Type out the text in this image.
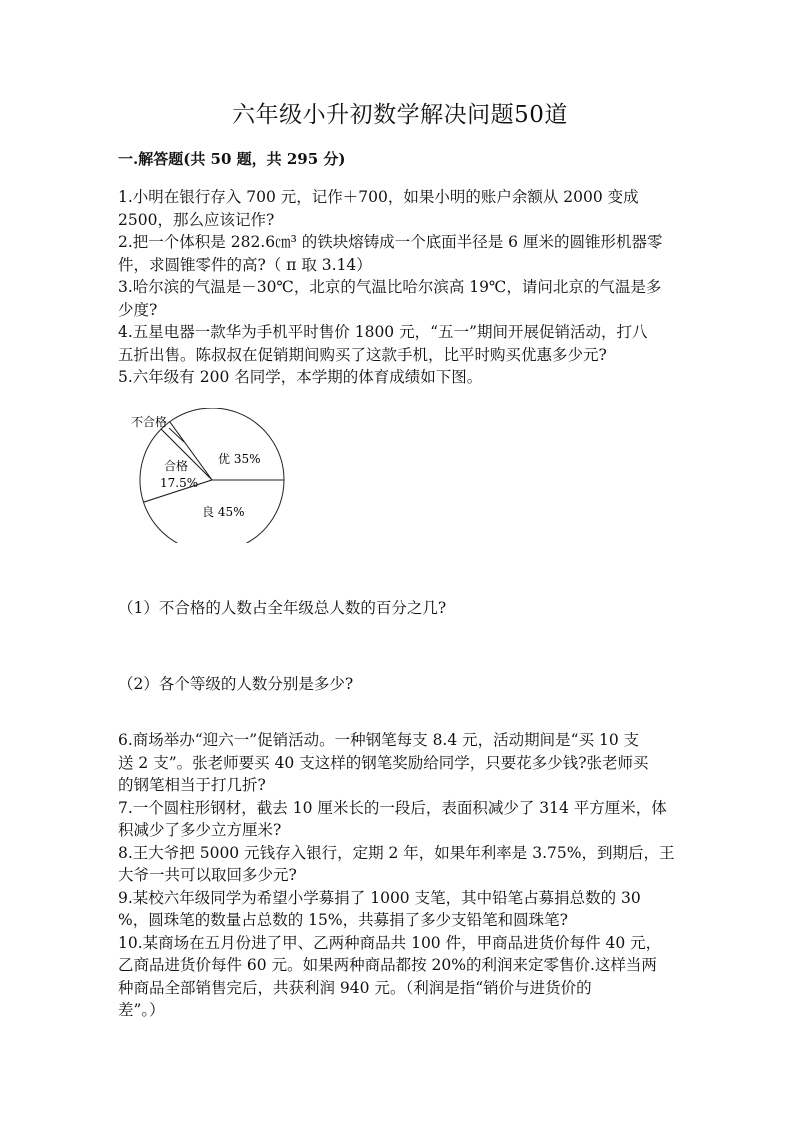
六年级小升初数学解决问题50道
一.解答题(共 50 题，共 295 分)

1.小明在银行存入 700 元，记作＋700，如果小明的账户余额从 2000 变成

2500，那么应该记作?

2.把一个体积是 282.6㎝³ 的铁块熔铸成一个底面半径是 6 厘米的圆锥形机器零

件，求圆锥零件的高?（ π 取 3.14）

3.哈尔滨的气温是－30℃，北京的气温比哈尔滨高 19℃，请问北京的气温是多

少度?

4.五星电器一款华为手机平时售价 1800 元，“五一”期间开展促销活动，打八

五折出售。陈叔叔在促销期间购买了这款手机，比平时购买优惠多少元?

5.六年级有 200 名同学，本学期的体育成绩如下图。

不合格
优 35%
合格
17.5%
良 45%
（1）不合格的人数占全年级总人数的百分之几?
（2）各个等级的人数分别是多少?

6.商场举办“迎六一”促销活动。一种钢笔每支 8.4 元，活动期间是“买 10 支

送 2 支”。张老师要买 40 支这样的钢笔奖励给同学，只要花多少钱?张老师买

的钢笔相当于打几折?

7.一个圆柱形钢材，截去 10 厘米长的一段后，表面积减少了 314 平方厘米，体

积减少了多少立方厘米?

8.王大爷把 5000 元钱存入银行，定期 2 年，如果年利率是 3.75%，到期后，王

大爷一共可以取回多少元?

9.某校六年级同学为希望小学募捐了 1000 支笔，其中铅笔占募捐总数的 30

%，圆珠笔的数量占总数的 15%，共募捐了多少支铅笔和圆珠笔?

10.某商场在五月份进了甲、乙两种商品共 100 件，甲商品进货价每件 40 元，

乙商品进货价每件 60 元。如果两种商品都按 20%的利润来定零售价.这样当两

种商品全部销售完后，共获利润 940 元。（利润是指“销价与进货价的

差”。）
